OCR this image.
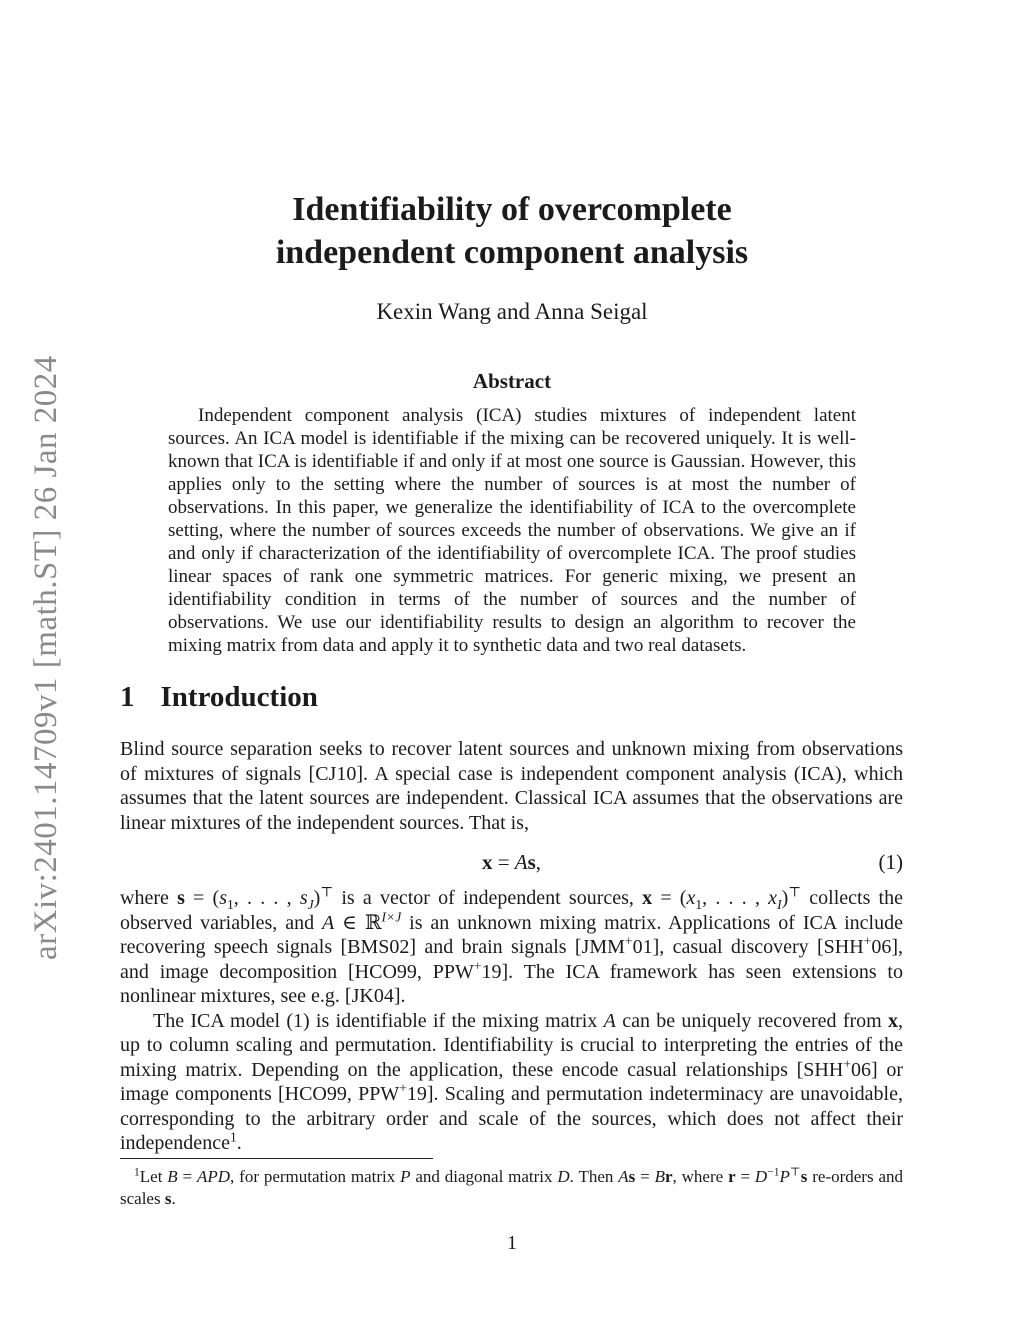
arXiv:2401.14709v1 [math.ST] 26 Jan 2024
Identifiability of overcomplete
independent component analysis
Kexin Wang and Anna Seigal
Abstract

Independent component analysis (ICA) studies mixtures of independent latent sources. An ICA model is identifiable if the mixing can be recovered uniquely. It is well-known that ICA is identifiable if and only if at most one source is Gaussian. However, this applies only to the setting where the number of sources is at most the number of observations. In this paper, we generalize the identifiability of ICA to the overcomplete setting, where the number of sources exceeds the number of observations. We give an if and only if characterization of the identifiability of overcomplete ICA. The proof studies linear spaces of rank one symmetric matrices. For generic mixing, we present an identifiability condition in terms of the number of sources and the number of observations. We use our identifiability results to design an algorithm to recover the mixing matrix from data and apply it to synthetic data and two real datasets.

1 Introduction

Blind source separation seeks to recover latent sources and unknown mixing from observations of mixtures of signals [CJ10]. A special case is independent component analysis (ICA), which assumes that the latent sources are independent. Classical ICA assumes that the observations are linear mixtures of the independent sources. That is,

x = As,	(1)

where $s = (s_1$, . . . , $s_J)^⊤$ is a vector of independent sources, $x = (x_1$, . . . , $x_I)^⊤$ collects the observed variables, and A ∈ ℝ$^{I\times J}$ is an unknown mixing matrix. Applications of ICA include recovering speech signals [BMS02] and brain signals [JMM+01], casual discovery [SHH+06], and image decomposition [HCO99, PPW+19]. The ICA framework has seen extensions to nonlinear mixtures, see e.g. [JK04].

The ICA model (1) is identifiable if the mixing matrix A can be uniquely recovered from x, up to column scaling and permutation. Identifiability is crucial to interpreting the entries of the mixing matrix. Depending on the application, these encode casual relationships [SHH+06] or image components [HCO99, PPW+19]. Scaling and permutation indeterminacy are unavoidable, corresponding to the arbitrary order and scale of the sources, which does not affect their independence$^1$.

$^1$Let B = APD, for permutation matrix P and diagonal matrix D. Then As = Br, where $r = D^{-1}P^⊤s$ re-orders and scales s.

1
